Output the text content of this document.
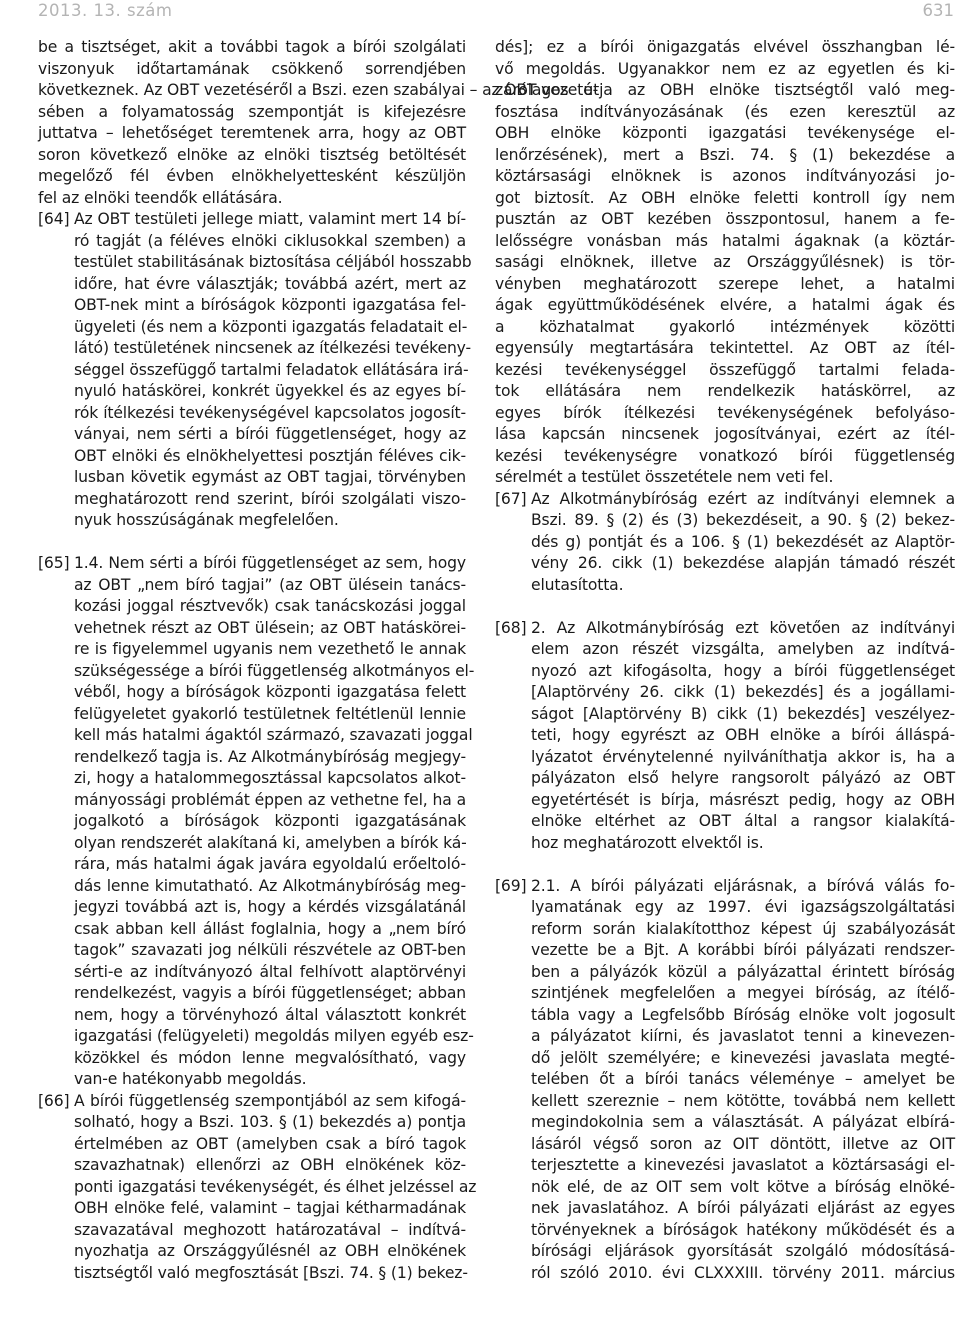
2013. 13. szám	631
be a tisztséget, akit a további tagok a bírói szolgálati
viszonyuk időtartamának csökkenő sorrendjében
következnek. Az OBT vezetéséről a Bszi. ezen szabályai – az OBT vezeté-
sében a folyamatosság szempontját is kifejezésre
juttatva – lehetőséget teremtenek arra, hogy az OBT
soron következő elnöke az elnöki tisztség betöltését
megelőző fél évben elnökhelyettesként készüljön
fel az elnöki teendők ellátására.
[64] Az OBT testületi jellege miatt, valamint mert 14 bí-
ró tagját (a féléves elnöki ciklusokkal szemben) a
testület stabilitásának biztosítása céljából hosszabb
időre, hat évre választják; továbbá azért, mert az
OBT-nek mint a bíróságok központi igazgatása fel-
ügyeleti (és nem a központi igazgatás feladatait el-
látó) testületének nincsenek az ítélkezési tevékeny-
séggel összefüggő tartalmi feladatok ellátására irá-
nyuló hatáskörei, konkrét ügyekkel és az egyes bí-
rók ítélkezési tevékenységével kapcsolatos jogosít-
ványai, nem sérti a bírói függetlenséget, hogy az
OBT elnöki és elnökhelyettesi posztján féléves cik-
lusban követik egymást az OBT tagjai, törvényben
meghatározott rend szerint, bírói szolgálati viszo-
nyuk hosszúságának megfelelően.
[65] 1.4. Nem sérti a bírói függetlenséget az sem, hogy
az OBT „nem bíró tagjai” (az OBT ülésein tanács-
kozási joggal résztvevők) csak tanácskozási joggal
vehetnek részt az OBT ülésein; az OBT hatáskörei-
re is figyelemmel ugyanis nem vezethető le annak
szükségessége a bírói függetlenség alkotmányos el-
véből, hogy a bíróságok központi igazgatása felett
felügyeletet gyakorló testületnek feltétlenül lennie
kell más hatalmi ágaktól származó, szavazati joggal
rendelkező tagja is. Az Alkotmánybíróság megjegy-
zi, hogy a hatalommegosztással kapcsolatos alkot-
mányossági problémát éppen az vethetne fel, ha a
jogalkotó a bíróságok központi igazgatásának
olyan rendszerét alakítaná ki, amelyben a bírók ká-
rára, más hatalmi ágak javára egyoldalú erőeltoló-
dás lenne kimutatható. Az Alkotmánybíróság meg-
jegyzi továbbá azt is, hogy a kérdés vizsgálatánál
csak abban kell állást foglalnia, hogy a „nem bíró
tagok” szavazati jog nélküli részvétele az OBT-ben
sérti-e az indítványozó által felhívott alaptörvényi
rendelkezést, vagyis a bírói függetlenséget; abban
nem, hogy a törvényhozó által választott konkrét
igazgatási (felügyeleti) megoldás milyen egyéb esz-
közökkel és módon lenne megvalósítható, vagy
van-e hatékonyabb megoldás.
[66] A bírói függetlenség szempontjából az sem kifogá-
solható, hogy a Bszi. 103. § (1) bekezdés a) pontja
értelmében az OBT (amelyben csak a bíró tagok
szavazhatnak) ellenőrzi az OBH elnökének köz-
ponti igazgatási tevékenységét, és élhet jelzéssel az
OBH elnöke felé, valamint – tagjai kétharmadának
szavazatával meghozott határozatával – indítvá-
nyozhatja az Országgyűlésnél az OBH elnökének
tisztségtől való megfosztását [Bszi. 74. § (1) bekez-
dés]; ez a bírói önigazgatás elvével összhangban lé-
vő megoldás. Ugyanakkor nem ez az egyetlen és ki-
zárólagos útja az OBH elnöke tisztségtől való meg-
fosztása indítványozásának (és ezen keresztül az
OBH elnöke központi igazgatási tevékenysége el-
lenőrzésének), mert a Bszi. 74. § (1) bekezdése a
köztársasági elnöknek is azonos indítványozási jo-
got biztosít. Az OBH elnöke feletti kontroll így nem
pusztán az OBT kezében összpontosul, hanem a fe-
lelősségre vonásban más hatalmi ágaknak (a köztár-
sasági elnöknek, illetve az Országgyűlésnek) is tör-
vényben meghatározott szerepe lehet, a hatalmi
ágak együttműködésének elvére, a hatalmi ágak és
a közhatalmat gyakorló intézmények közötti
egyensúly megtartására tekintettel. Az OBT az ítél-
kezési tevékenységgel összefüggő tartalmi felada-
tok ellátására nem rendelkezik hatáskörrel, az
egyes bírók ítélkezési tevékenységének befolyáso-
lása kapcsán nincsenek jogosítványai, ezért az ítél-
kezési tevékenységre vonatkozó bírói függetlenség
sérelmét a testület összetétele nem veti fel.
[67] Az Alkotmánybíróság ezért az indítványi elemnek a
Bszi. 89. § (2) és (3) bekezdéseit, a 90. § (2) bekez-
dés g) pontját és a 106. § (1) bekezdését az Alaptör-
vény 26. cikk (1) bekezdése alapján támadó részét
elutasította.
[68] 2. Az Alkotmánybíróság ezt követően az indítványi
elem azon részét vizsgálta, amelyben az indítvá-
nyozó azt kifogásolta, hogy a bírói függetlenséget
[Alaptörvény 26. cikk (1) bekezdés] és a jogállami-
ságot [Alaptörvény B) cikk (1) bekezdés] veszélyez-
teti, hogy egyrészt az OBH elnöke a bírói álláspá-
lyázatot érvénytelenné nyilváníthatja akkor is, ha a
pályázaton első helyre rangsorolt pályázó az OBT
egyetértését is bírja, másrészt pedig, hogy az OBH
elnöke eltérhet az OBT által a rangsor kialakítá-
hoz meghatározott elvektől is.
[69] 2.1. A bírói pályázati eljárásnak, a bíróvá válás fo-
lyamatának egy az 1997. évi igazságszolgáltatási
reform során kialakítotthoz képest új szabályozását
vezette be a Bjt. A korábbi bírói pályázati rendszer-
ben a pályázók közül a pályázattal érintett bíróság
szintjének megfelelően a megyei bíróság, az ítélő-
tábla vagy a Legfelsőbb Bíróság elnöke volt jogosult
a pályázatot kiírni, és javaslatot tenni a kinevezen-
dő jelölt személyére; e kinevezési javaslata megté-
telében őt a bírói tanács véleménye – amelyet be
kellett szereznie – nem kötötte, továbbá nem kellett
megindokolnia sem a választását. A pályázat elbírá-
lásáról végső soron az OIT döntött, illetve az OIT
terjesztette a kinevezési javaslatot a köztársasági el-
nök elé, de az OIT sem volt kötve a bíróság elnöké-
nek javaslatához. A bírói pályázati eljárást az egyes
törvényeknek a bíróságok hatékony működését és a
bírósági eljárások gyorsítását szolgáló módosításá-
ról szóló 2010. évi CLXXXIII. törvény 2011. március
